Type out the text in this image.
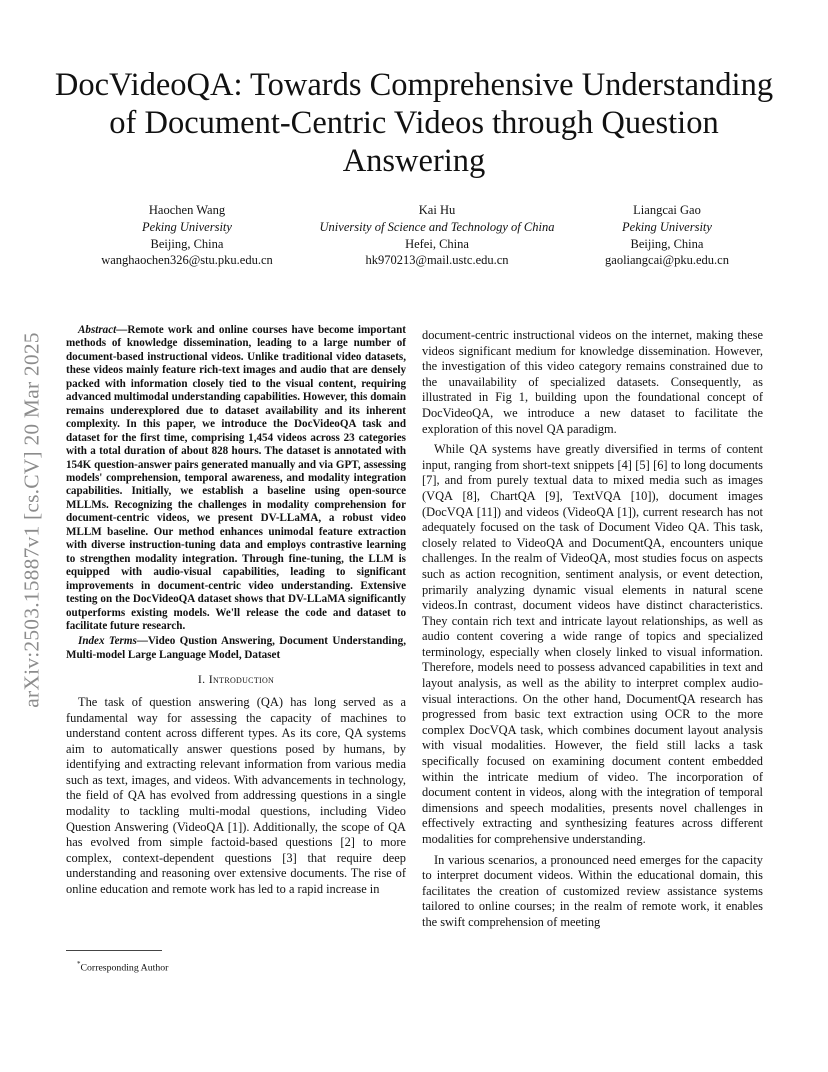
DocVideoQA: Towards Comprehensive Understanding of Document-Centric Videos through Question Answering
Haochen Wang
Peking University
Beijing, China
wanghaochen326@stu.pku.edu.cn
Kai Hu
University of Science and Technology of China
Hefei, China
hk970213@mail.ustc.edu.cn
Liangcai Gao
Peking University
Beijing, China
gaoliangcai@pku.edu.cn
arXiv:2503.15887v1 [cs.CV] 20 Mar 2025

Abstract—Remote work and online courses have become important methods of knowledge dissemination, leading to a large number of document-based instructional videos. Unlike traditional video datasets, these videos mainly feature rich-text images and audio that are densely packed with information closely tied to the visual content, requiring advanced multimodal understanding capabilities. However, this domain remains underexplored due to dataset availability and its inherent complexity. In this paper, we introduce the DocVideoQA task and dataset for the first time, comprising 1,454 videos across 23 categories with a total duration of about 828 hours. The dataset is annotated with 154K question-answer pairs generated manually and via GPT, assessing models' comprehension, temporal awareness, and modality integration capabilities. Initially, we establish a baseline using open-source MLLMs. Recognizing the challenges in modality comprehension for document-centric videos, we present DV-LLaMA, a robust video MLLM baseline. Our method enhances unimodal feature extraction with diverse instruction-tuning data and employs contrastive learning to strengthen modality integration. Through fine-tuning, the LLM is equipped with audio-visual capabilities, leading to significant improvements in document-centric video understanding. Extensive testing on the DocVideoQA dataset shows that DV-LLaMA significantly outperforms existing models. We'll release the code and dataset to facilitate future research.

Index Terms—Video Qustion Answering, Document Understanding, Multi-model Large Language Model, Dataset

I. Introduction

The task of question answering (QA) has long served as a fundamental way for assessing the capacity of machines to understand content across different types. As its core, QA systems aim to automatically answer questions posed by humans, by identifying and extracting relevant information from various media such as text, images, and videos. With advancements in technology, the field of QA has evolved from addressing questions in a single modality to tackling multi-modal questions, including Video Question Answering (VideoQA [1]). Additionally, the scope of QA has evolved from simple factoid-based questions [2] to more complex, context-dependent questions [3] that require deep understanding and reasoning over extensive documents. The rise of online education and remote work has led to a rapid increase in

document-centric instructional videos on the internet, making these videos significant medium for knowledge dissemination. However, the investigation of this video category remains constrained due to the unavailability of specialized datasets. Consequently, as illustrated in Fig 1, building upon the foundational concept of DocVideoQA, we introduce a new dataset to facilitate the exploration of this novel QA paradigm.

While QA systems have greatly diversified in terms of content input, ranging from short-text snippets [4] [5] [6] to long documents [7], and from purely textual data to mixed media such as images (VQA [8], ChartQA [9], TextVQA [10]), document images (DocVQA [11]) and videos (VideoQA [1]), current research has not adequately focused on the task of Document Video QA. This task, closely related to VideoQA and DocumentQA, encounters unique challenges. In the realm of VideoQA, most studies focus on aspects such as action recognition, sentiment analysis, or event detection, primarily analyzing dynamic visual elements in natural scene videos.In contrast, document videos have distinct characteristics. They contain rich text and intricate layout relationships, as well as audio content covering a wide range of topics and specialized terminology, especially when closely linked to visual information. Therefore, models need to possess advanced capabilities in text and layout analysis, as well as the ability to interpret complex audio-visual interactions. On the other hand, DocumentQA research has progressed from basic text extraction using OCR to the more complex DocVQA task, which combines document layout analysis with visual modalities. However, the field still lacks a task specifically focused on examining document content embedded within the intricate medium of video. The incorporation of document content in videos, along with the integration of temporal dimensions and speech modalities, presents novel challenges in effectively extracting and synthesizing features across different modalities for comprehensive understanding.

In various scenarios, a pronounced need emerges for the capacity to interpret document videos. Within the educational domain, this facilitates the creation of customized review assistance systems tailored to online courses; in the realm of remote work, it enables the swift comprehension of meeting

*Corresponding Author
